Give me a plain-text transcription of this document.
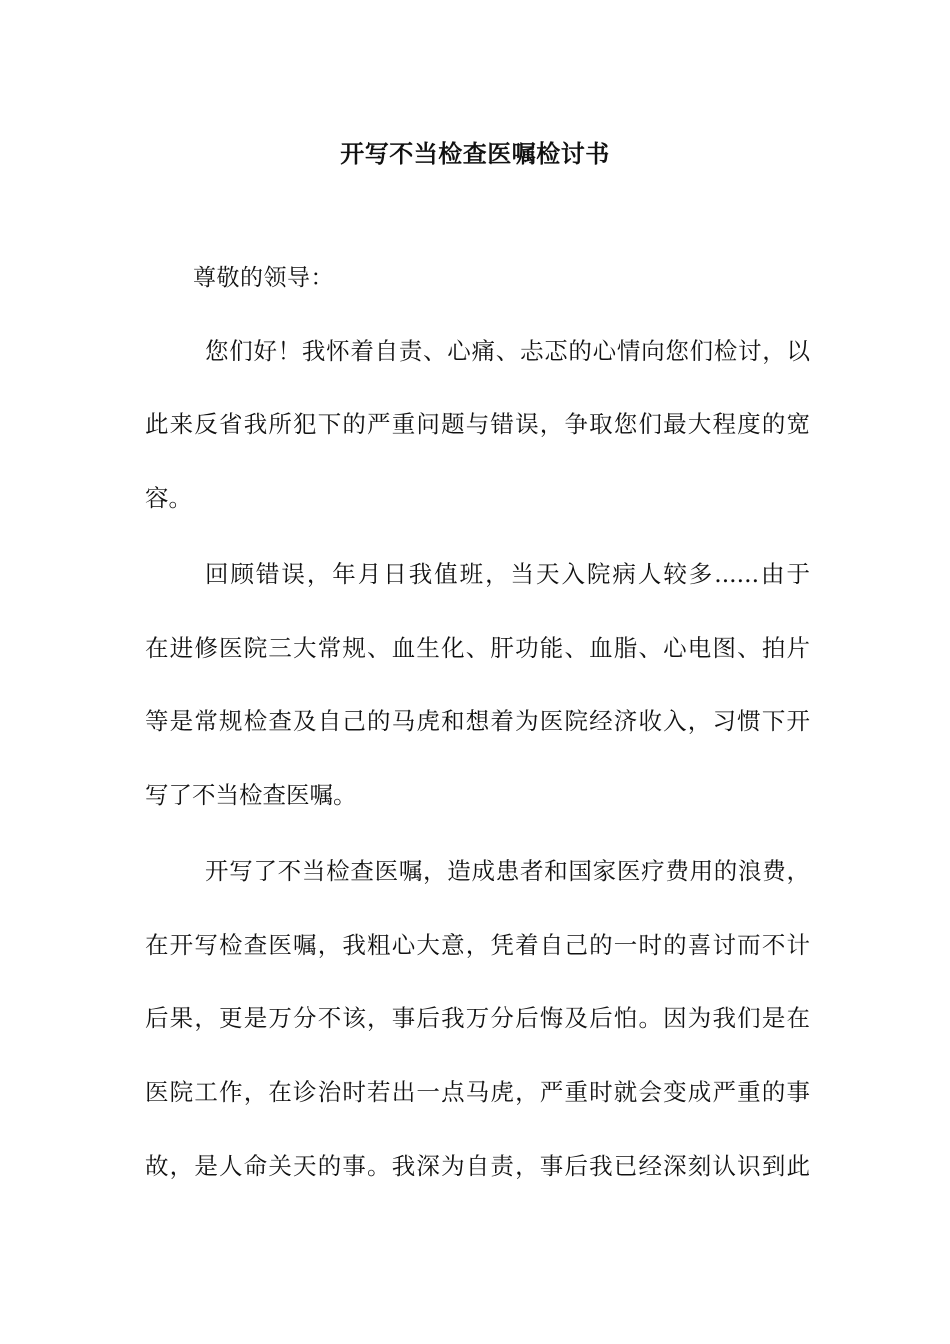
开写不当检查医嘱检讨书

尊敬的领导：

您们好！我怀着自责、心痛、忐忑的心情向您们检讨，以

此来反省我所犯下的严重问题与错误，争取您们最大程度的宽

容。

回顾错误，年月日我值班，当天入院病人较多......由于

在进修医院三大常规、血生化、肝功能、血脂、心电图、拍片

等是常规检查及自己的马虎和想着为医院经济收入，习惯下开

写了不当检查医嘱。

开写了不当检查医嘱，造成患者和国家医疗费用的浪费，

在开写检查医嘱，我粗心大意，凭着自己的一时的喜讨而不计

后果，更是万分不该，事后我万分后悔及后怕。因为我们是在

医院工作，在诊治时若出一点马虎，严重时就会变成严重的事

故，是人命关天的事。我深为自责，事后我已经深刻认识到此
